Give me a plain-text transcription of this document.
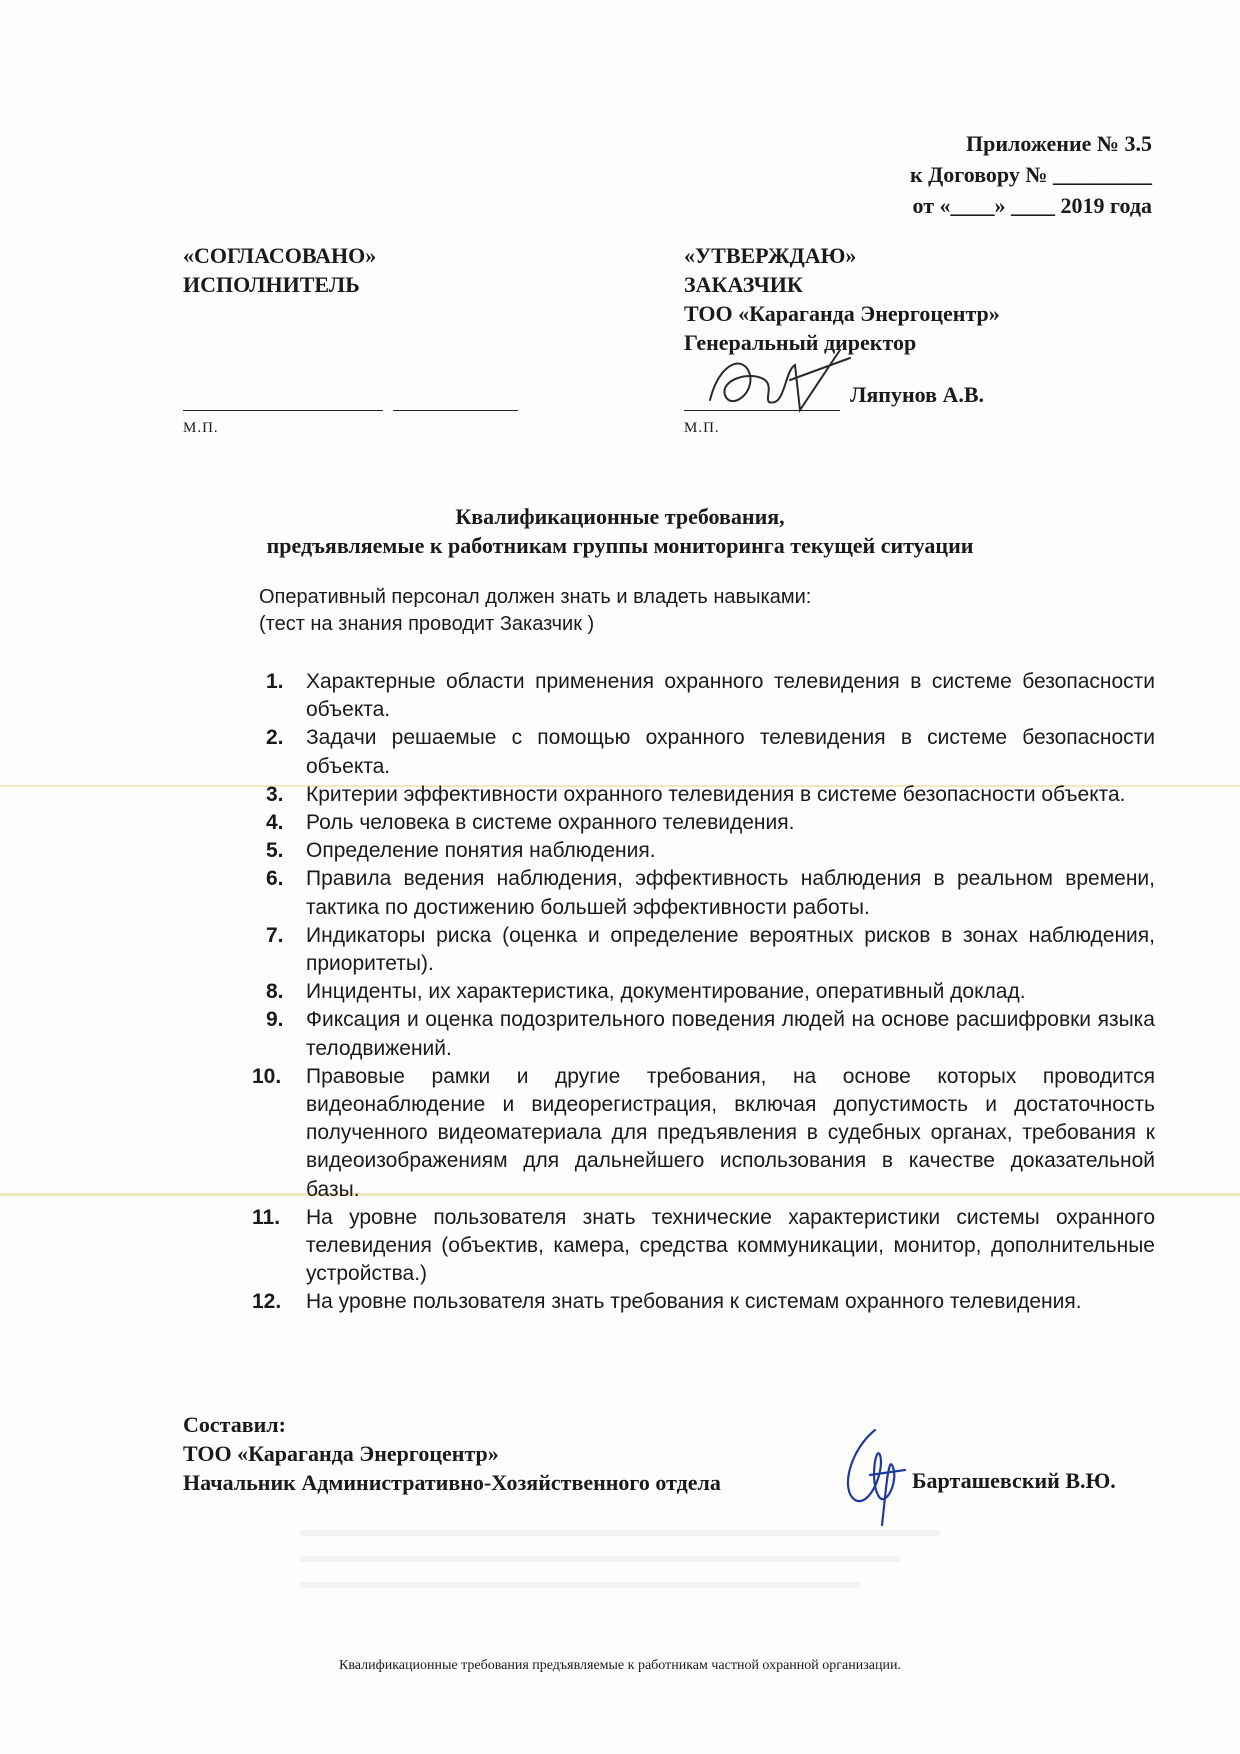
Приложение № 3.5
к Договору № _________
от «____» ____ 2019 года
«СОГЛАСОВАНО»
ИСПОЛНИТЕЛЬ
М.П.
«УТВЕРЖДАЮ»
ЗАКАЗЧИК
ТОО «Караганда Энергоцентр»
Генеральный директор
Ляпунов А.В.
М.П.
Квалификационные требования,
предъявляемые к работникам группы мониторинга текущей ситуации
Оперативный персонал должен знать и владеть навыками:
(тест на знания проводит Заказчик )
1.	Характерные области применения охранного телевидения в системе безопасности объекта.
2.	Задачи решаемые с помощью охранного телевидения в системе безопасности объекта.
3.	Критерии эффективности охранного телевидения в системе безопасности объекта.
4.	Роль человека в системе охранного телевидения.
5.	Определение понятия наблюдения.
6.	Правила ведения наблюдения, эффективность наблюдения в реальном времени, тактика по достижению большей эффективности работы.
7.	Индикаторы риска (оценка и определение вероятных рисков в зонах наблюдения, приоритеты).
8.	Инциденты, их характеристика, документирование, оперативный доклад.
9.	Фиксация и оценка подозрительного поведения людей на основе расшифровки языка телодвижений.
10.	Правовые рамки и другие требования, на основе которых проводится видеонаблюдение и видеорегистрация, включая допустимость и достаточность полученного видеоматериала для предъявления в судебных органах, требования к видеоизображениям для дальнейшего использования в качестве доказательной базы.
11.	На уровне пользователя знать технические характеристики системы охранного телевидения (объектив, камера, средства коммуникации, монитор, дополнительные устройства.)
12.	На уровне пользователя знать требования к системам охранного телевидения.
Составил:
ТОО «Караганда Энергоцентр»
Начальник Административно-Хозяйственного отдела	Барташевский В.Ю.
Квалификационные требования предъявляемые к работникам частной охранной организации.
